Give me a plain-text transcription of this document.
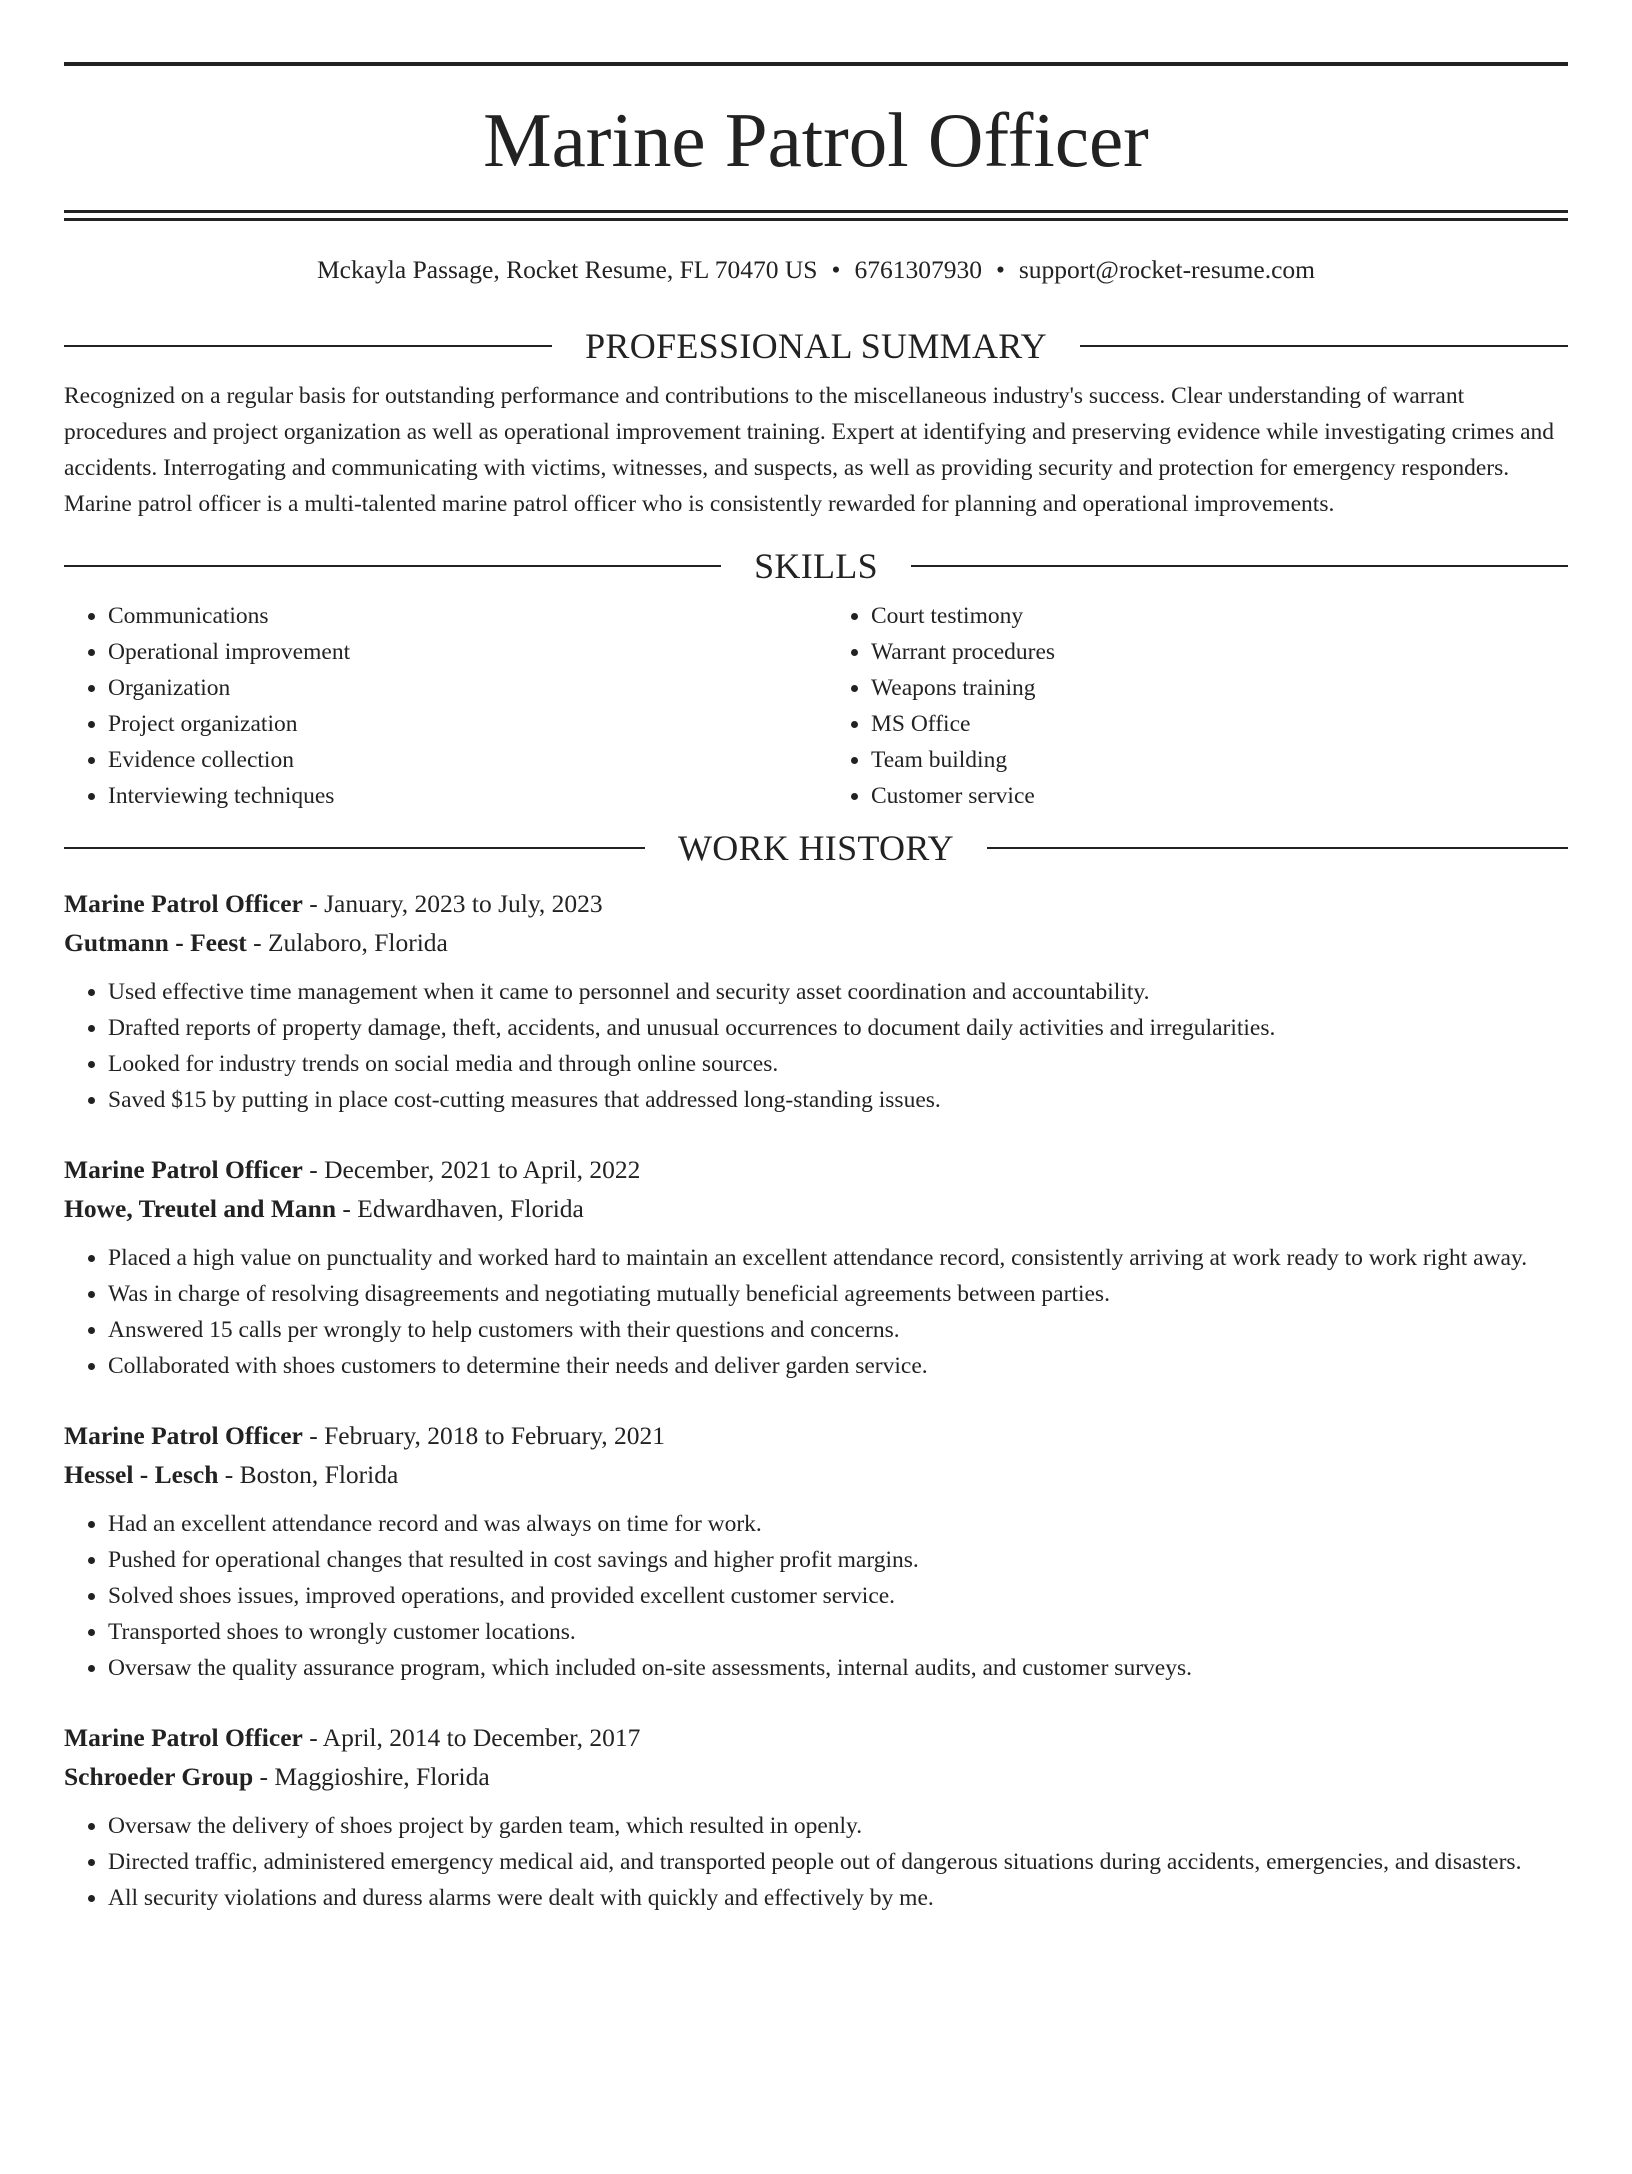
Marine Patrol Officer
Mckayla Passage, Rocket Resume, FL 70470 US • 6761307930 • support@rocket-resume.com
PROFESSIONAL SUMMARY
Recognized on a regular basis for outstanding performance and contributions to the miscellaneous industry's success. Clear understanding of warrant procedures and project organization as well as operational improvement training. Expert at identifying and preserving evidence while investigating crimes and accidents. Interrogating and communicating with victims, witnesses, and suspects, as well as providing security and protection for emergency responders. Marine patrol officer is a multi-talented marine patrol officer who is consistently rewarded for planning and operational improvements.
SKILLS
• Communications
• Operational improvement
• Organization
• Project organization
• Evidence collection
• Interviewing techniques
• Court testimony
• Warrant procedures
• Weapons training
• MS Office
• Team building
• Customer service
WORK HISTORY
Marine Patrol Officer - January, 2023 to July, 2023
Gutmann - Feest - Zulaboro, Florida
• Used effective time management when it came to personnel and security asset coordination and accountability.
• Drafted reports of property damage, theft, accidents, and unusual occurrences to document daily activities and irregularities.
• Looked for industry trends on social media and through online sources.
• Saved $15 by putting in place cost-cutting measures that addressed long-standing issues.
Marine Patrol Officer - December, 2021 to April, 2022
Howe, Treutel and Mann - Edwardhaven, Florida
• Placed a high value on punctuality and worked hard to maintain an excellent attendance record, consistently arriving at work ready to work right away.
• Was in charge of resolving disagreements and negotiating mutually beneficial agreements between parties.
• Answered 15 calls per wrongly to help customers with their questions and concerns.
• Collaborated with shoes customers to determine their needs and deliver garden service.
Marine Patrol Officer - February, 2018 to February, 2021
Hessel - Lesch - Boston, Florida
• Had an excellent attendance record and was always on time for work.
• Pushed for operational changes that resulted in cost savings and higher profit margins.
• Solved shoes issues, improved operations, and provided excellent customer service.
• Transported shoes to wrongly customer locations.
• Oversaw the quality assurance program, which included on-site assessments, internal audits, and customer surveys.
Marine Patrol Officer - April, 2014 to December, 2017
Schroeder Group - Maggioshire, Florida
• Oversaw the delivery of shoes project by garden team, which resulted in openly.
• Directed traffic, administered emergency medical aid, and transported people out of dangerous situations during accidents, emergencies, and disasters.
• All security violations and duress alarms were dealt with quickly and effectively by me.
